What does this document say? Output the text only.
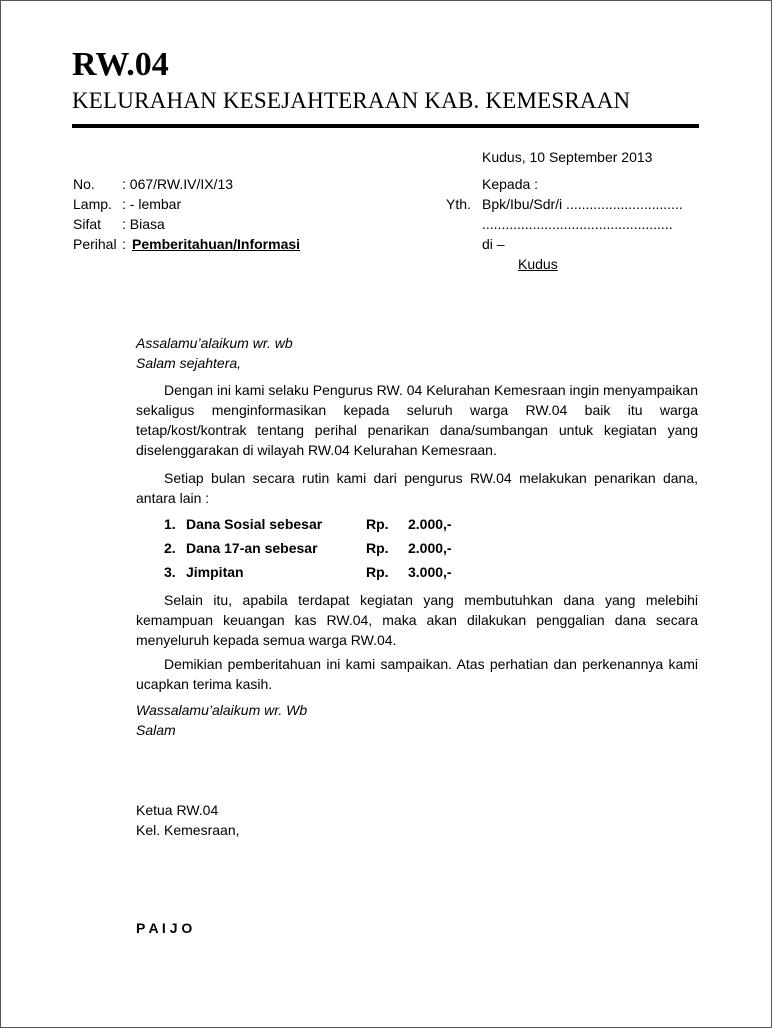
RW.04
KELURAHAN KESEJAHTERAAN KAB. KEMESRAAN
Kudus, 10 September 2013
No. : 067/RW.IV/IX/13
Lamp. : - lembar
Sifat : Biasa
Perihal : Pemberitahuan/Informasi
Kepada :
Yth. Bpk/Ibu/Sdr/i ..............................
.................................................
di –
Kudus
Assalamu’alaikum wr. wb
Salam sejahtera,
Dengan ini kami selaku Pengurus RW. 04 Kelurahan Kemesraan ingin menyampaikan sekaligus menginformasikan kepada seluruh warga RW.04 baik itu warga tetap/kost/kontrak tentang perihal penarikan dana/sumbangan untuk kegiatan yang diselenggarakan di wilayah RW.04 Kelurahan Kemesraan.
Setiap bulan secara rutin kami dari pengurus RW.04 melakukan penarikan dana, antara lain :
1. Dana Sosial sebesar	Rp. 2.000,-
2. Dana 17-an sebesar	Rp. 2.000,-
3. Jimpitan	Rp. 3.000,-
Selain itu, apabila terdapat kegiatan yang membutuhkan dana yang melebihi kemampuan keuangan kas RW.04, maka akan dilakukan penggalian dana secara menyeluruh kepada semua warga RW.04.
Demikian pemberitahuan ini kami sampaikan. Atas perhatian dan perkenannya kami ucapkan terima kasih.
Wassalamu’alaikum wr. Wb
Salam
Ketua RW.04
Kel. Kemesraan,
P A I J O
